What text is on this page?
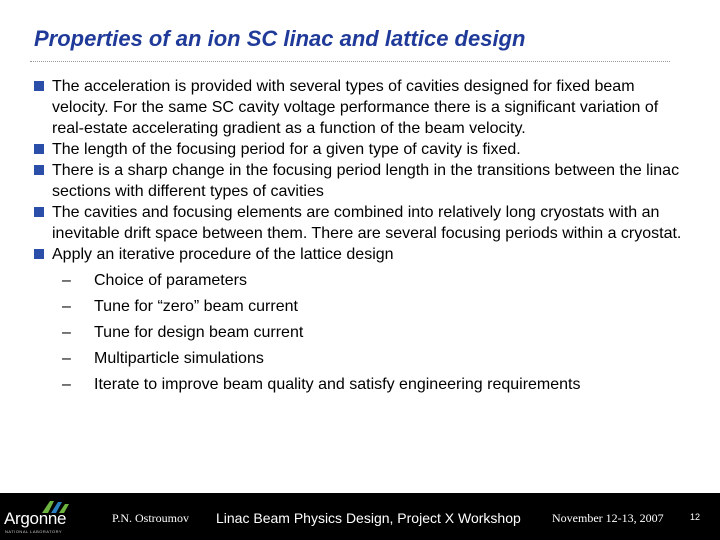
Properties of an ion SC linac and lattice design
The acceleration is provided with several types of cavities designed for fixed beam velocity. For the same SC cavity voltage performance there is a significant variation of real-estate accelerating gradient as a function of the beam velocity.
The length of the focusing period for a given type of cavity is fixed.
There is a sharp change in the focusing period length in the transitions between the linac sections with different types of cavities
The cavities and focusing elements are combined into relatively long cryostats with an inevitable drift space between them. There are several focusing periods within a cryostat.
Apply an iterative procedure of the lattice design
– Choice of parameters
– Tune for “zero” beam current
– Tune for design beam current
– Multiparticle simulations
– Iterate to improve beam quality and satisfy engineering requirements
Argonne
NATIONAL LABORATORY
P.N. Ostroumov Linac Beam Physics Design, Project X Workshop	November 12-13, 2007	12
